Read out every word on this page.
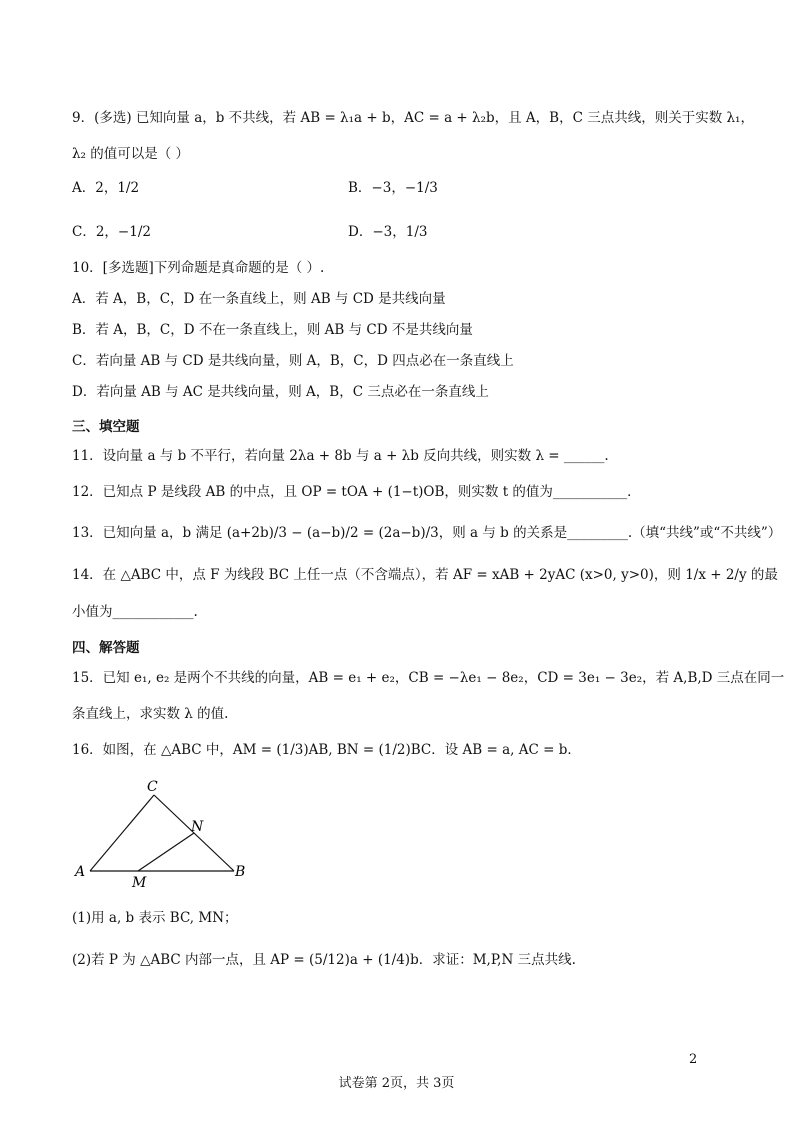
9．(多选) 已知向量 a，b 不共线，若 AB = λ₁a + b，AC = a + λ₂b，且 A，B，C 三点共线，则关于实数 λ₁，
λ₂ 的值可以是（ ）
A．2，1/2	B．−3，−1/3
C．2，−1/2	D．−3，1/3
10．[多选题]下列命题是真命题的是（ ）.
A．若 A，B，C，D 在一条直线上，则 AB 与 CD 是共线向量
B．若 A，B，C，D 不在一条直线上，则 AB 与 CD 不是共线向量
C．若向量 AB 与 CD 是共线向量，则 A，B，C，D 四点必在一条直线上
D．若向量 AB 与 AC 是共线向量，则 A，B，C 三点必在一条直线上
三、填空题
11．设向量 a 与 b 不平行，若向量 2λa + 8b 与 a + λb 反向共线，则实数 λ = ______.
12．已知点 P 是线段 AB 的中点，且 OP = tOA + (1−t)OB，则实数 t 的值为___________．
13．已知向量 a，b 满足 (a+2b)/3 − (a−b)/2 = (2a−b)/3，则 a 与 b 的关系是_________.（填“共线”或“不共线”）
14．在 △ABC 中，点 F 为线段 BC 上任一点（不含端点），若 AF = xAB + 2yAC (x>0, y>0)，则 1/x + 2/y 的最
小值为____________.
四、解答题
15．已知 e₁, e₂ 是两个不共线的向量，AB = e₁ + e₂，CB = −λe₁ − 8e₂，CD = 3e₁ − 3e₂，若 A,B,D 三点在同一
条直线上，求实数 λ 的值.
16．如图，在 △ABC 中，AM = (1/3)AB, BN = (1/2)BC．设 AB = a, AC = b．
C
N
A
M
B
(1)用 a, b 表示 BC, MN；
(2)若 P 为 △ABC 内部一点，且 AP = (5/12)a + (1/4)b．求证：M,P,N 三点共线.
2
试卷第 2页，共 3页
